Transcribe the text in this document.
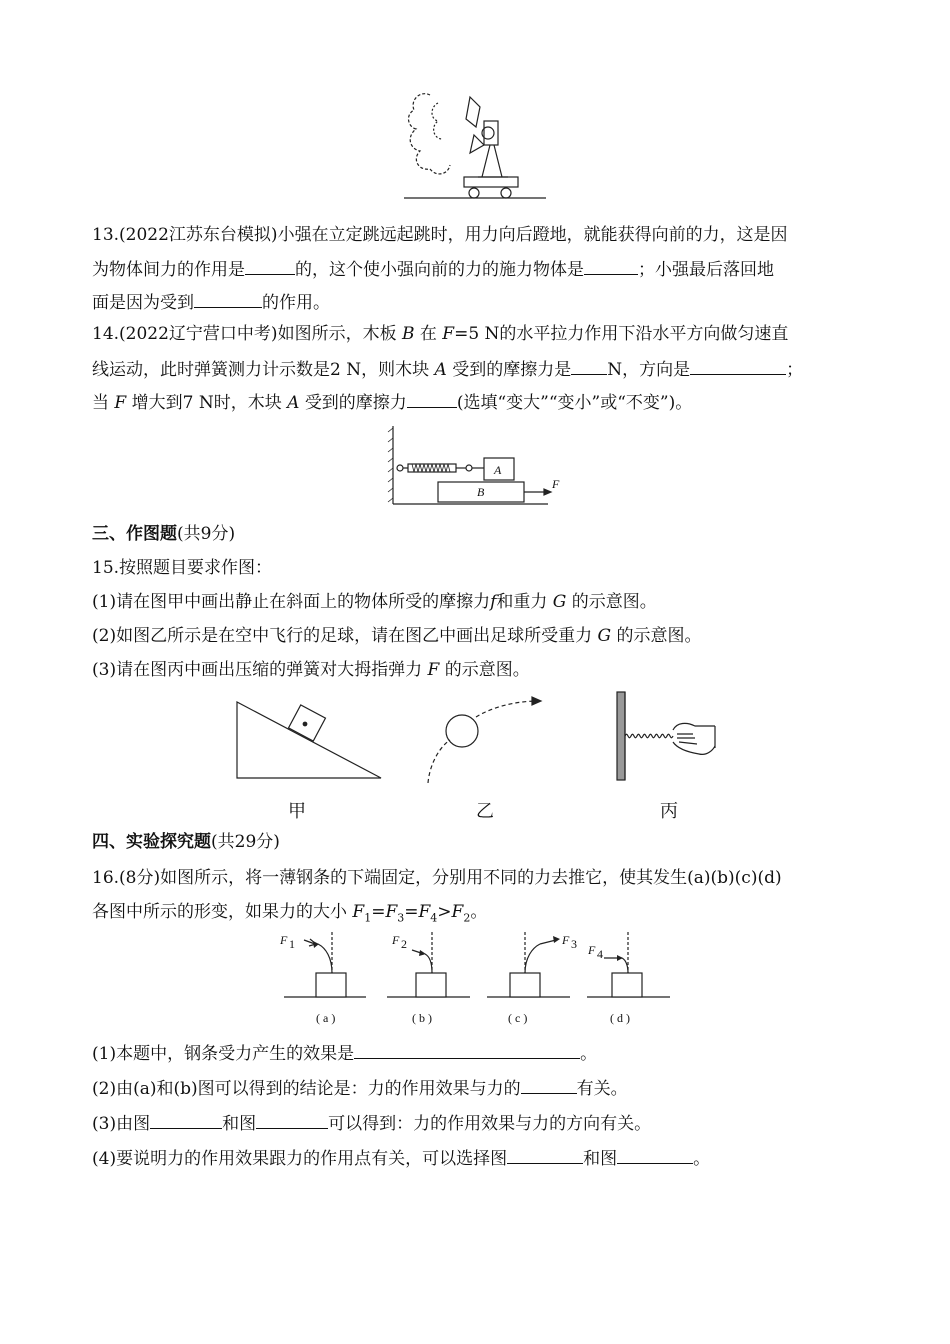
13.(2022江苏东台模拟)小强在立定跳远起跳时，用力向后蹬地，就能获得向前的力，这是因
为物体间力的作用是	的，这个使小强向前的力的施力物体是	；小强最后落回地
面是因为受到	的作用。
14.(2022辽宁营口中考)如图所示，木板 B 在 F=5 N的水平拉力作用下沿水平方向做匀速直
线运动，此时弹簧测力计示数是2 N，则木块 A 受到的摩擦力是 N，方向是	；
当 F 增大到7 N时，木块 A 受到的摩擦力	(选填“变大”“变小”或“不变”)。
A
B
F
三、作图题(共9分)
15.按照题目要求作图：
(1)请在图甲中画出静止在斜面上的物体所受的摩擦力f和重力 G 的示意图。
(2)如图乙所示是在空中飞行的足球，请在图乙中画出足球所受重力 G 的示意图。
(3)请在图丙中画出压缩的弹簧对大拇指弹力 F 的示意图。
甲	乙	丙
四、实验探究题(共29分)
16.(8分)如图所示，将一薄钢条的下端固定，分别用不同的力去推它，使其发生(a)(b)(c)(d)
各图中所示的形变，如果力的大小 $F_1=F_3=F_4>F_2$。
F 1	F 2	F 3 F 4
( a )	( b )	( c )	( d )
(1)本题中，钢条受力产生的效果是	。
(2)由(a)和(b)图可以得到的结论是：力的作用效果与力的	有关。
(3)由图	和图	可以得到：力的作用效果与力的方向有关。
(4)要说明力的作用效果跟力的作用点有关，可以选择图	和图	。
